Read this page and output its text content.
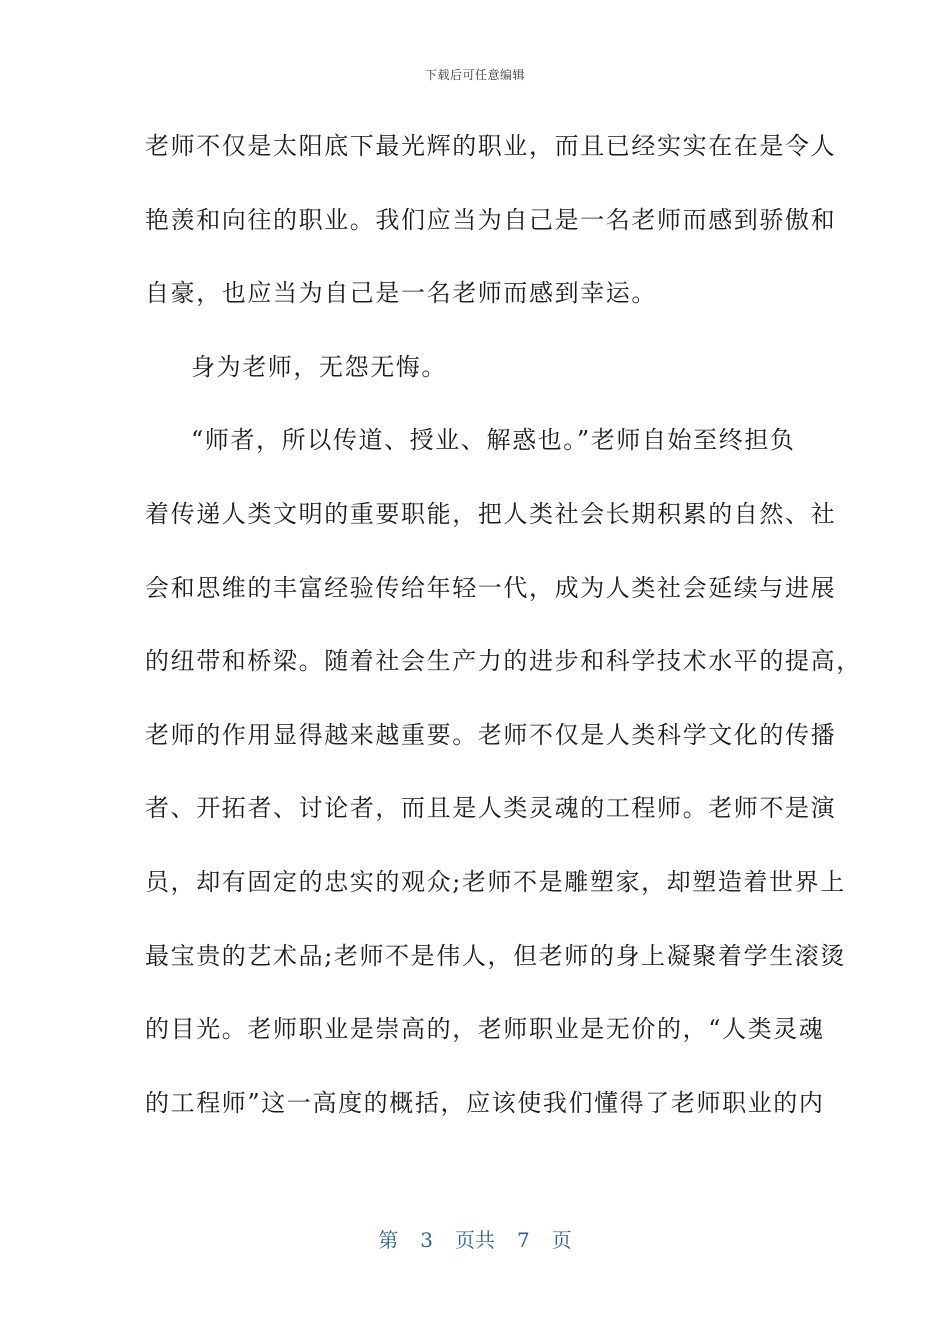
下载后可任意编辑
老师不仅是太阳底下最光辉的职业，而且已经实实在在是令人
艳羡和向往的职业。我们应当为自己是一名老师而感到骄傲和
自豪，也应当为自己是一名老师而感到幸运。
身为老师，无怨无悔。
“师者，所以传道、授业、解惑也。”老师自始至终担负
着传递人类文明的重要职能，把人类社会长期积累的自然、社
会和思维的丰富经验传给年轻一代，成为人类社会延续与进展
的纽带和桥梁。随着社会生产力的进步和科学技术水平的提高，
老师的作用显得越来越重要。老师不仅是人类科学文化的传播
者、开拓者、讨论者，而且是人类灵魂的工程师。老师不是演
员，却有固定的忠实的观众;老师不是雕塑家，却塑造着世界上
最宝贵的艺术品;老师不是伟人，但老师的身上凝聚着学生滚烫
的目光。老师职业是崇高的，老师职业是无价的，“人类灵魂
的工程师”这一高度的概括，应该使我们懂得了老师职业的内
第 3 页共 7 页
